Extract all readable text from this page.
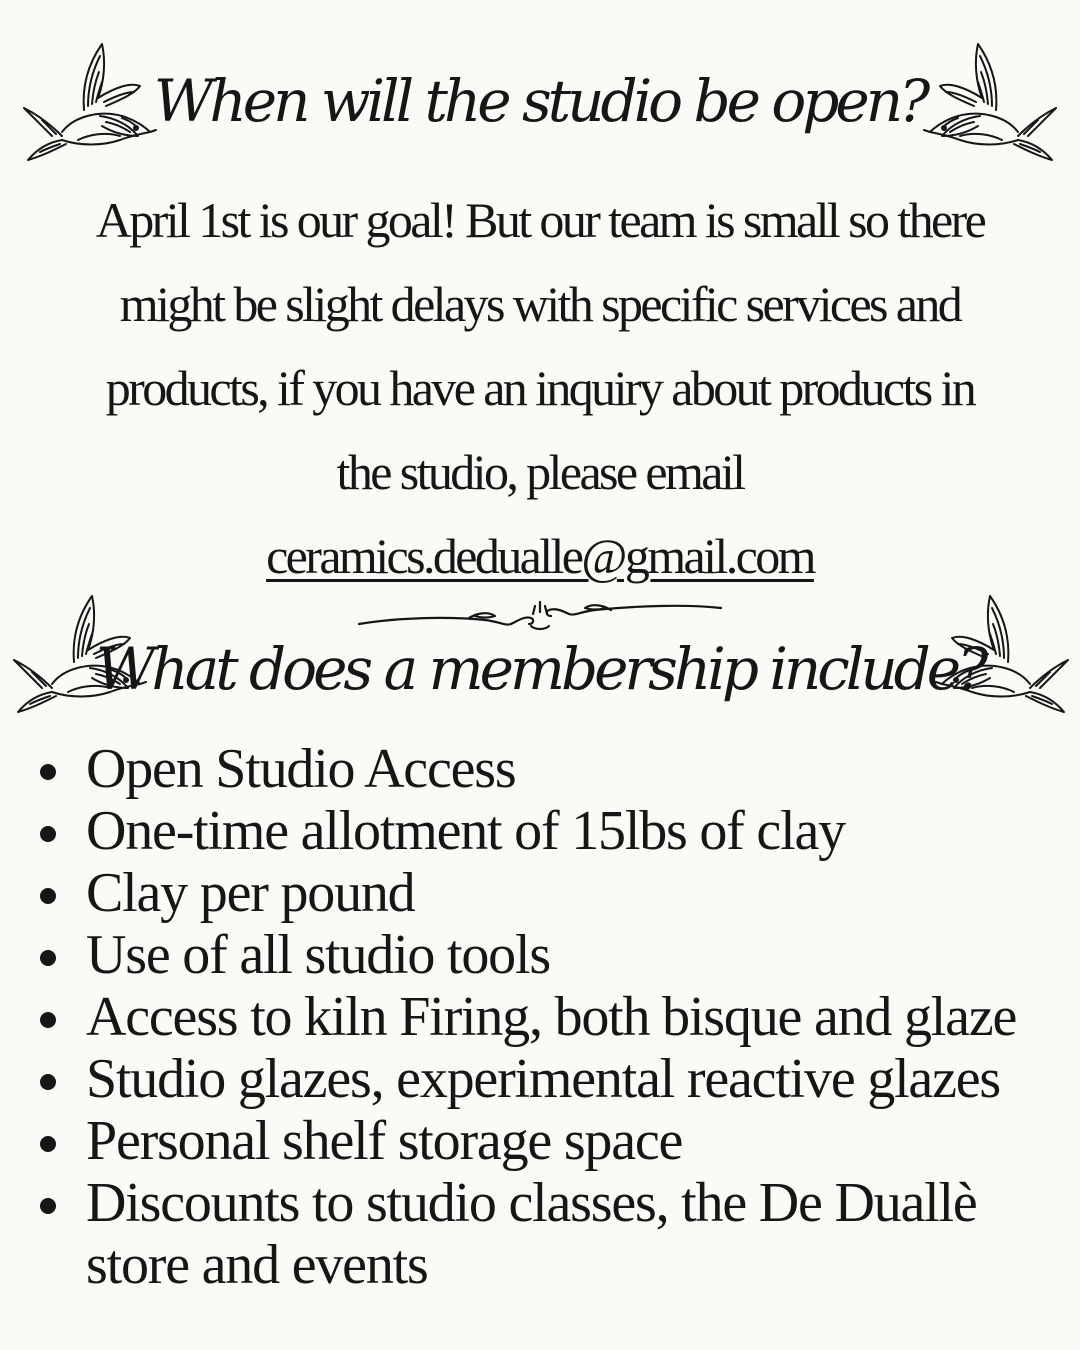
When will the studio be open?

April 1st is our goal! But our team is small so there
might be slight delays with specific services and
products, if you have an inquiry about products in
the studio, please email
ceramics.dedualle@gmail.com

What does a membership include?
Open Studio Access
One-time allotment of 15lbs of clay
Clay per pound
Use of all studio tools
Access to kiln Firing, both bisque and glaze
Studio glazes, experimental reactive glazes
Personal shelf storage space
Discounts to studio classes, the De Duallè
store and events
